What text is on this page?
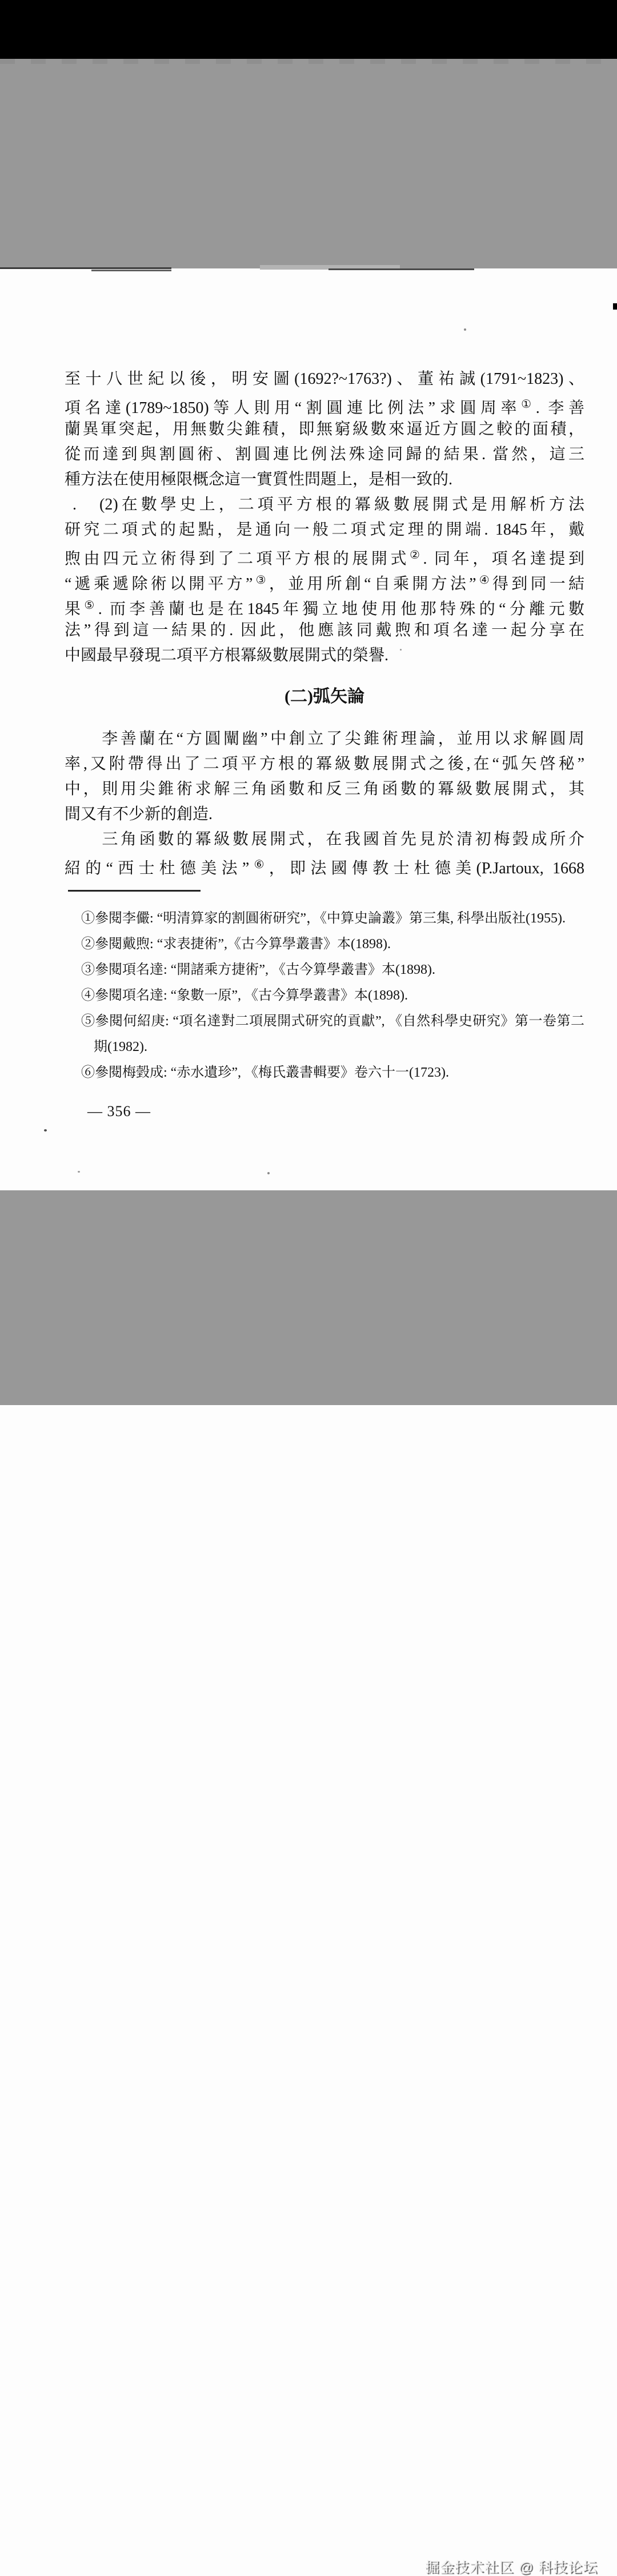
至十八世紀以後，明安圖(1692?~1763?)、董祐誠(1791~1823)、
項名達(1789~1850)等人則用“割圓連比例法”求圓周率①. 李善
蘭異軍突起，用無數尖錐積，即無窮級數來逼近方圓之較的面積，
從而達到與割圓術、割圓連比例法殊途同歸的結果. 當然，這三
種方法在使用極限概念這一實質性問題上，是相一致的.
 .　(2)在數學史上，二項平方根的冪級數展開式是用解析方法
研究二項式的起點，是通向一般二項式定理的開端. 1845年，戴
煦由四元立術得到了二項平方根的展開式②. 同年，項名達提到
“遞乘遞除術以開平方”③，並用所創“自乘開方法”④得到同一結
果⑤. 而李善蘭也是在1845年獨立地使用他那特殊的“分離元數
法”得到這一結果的. 因此，他應該同戴煦和項名達一起分享在
中國最早發現二項平方根冪級數展開式的榮譽.
(二)弧矢論
　　李善蘭在“方圓闡幽”中創立了尖錐術理論，並用以求解圓周
率,又附帶得出了二項平方根的冪級數展開式之後,在“弧矢啓秘”
中，則用尖錐術求解三角函數和反三角函數的冪級數展開式，其
間又有不少新的創造.
　　三角函數的冪級數展開式，在我國首先見於清初梅瑴成所介
紹的“西士杜德美法”⑥，即法國傳教士杜德美(P.Jartoux, 1668
①參閱李儼: “明清算家的割圓術研究”，《中算史論叢》第三集, 科學出版社(1955).
②參閱戴煦: “求表捷術”,《古今算學叢書》本(1898).
③參閱項名達: “開諸乘方捷術”, 《古今算學叢書》本(1898).
④參閱項名達: “象數一原”, 《古今算學叢書》本(1898).
⑤參閱何紹庚: “項名達對二項展開式研究的貢獻”, 《自然科學史研究》第一卷第二
期(1982).
⑥參閱梅瑴成: “赤水遺珍”, 《梅氏叢書輯要》卷六十一(1723).
— 356 —
掘金技术社区 @ 科技论坛
